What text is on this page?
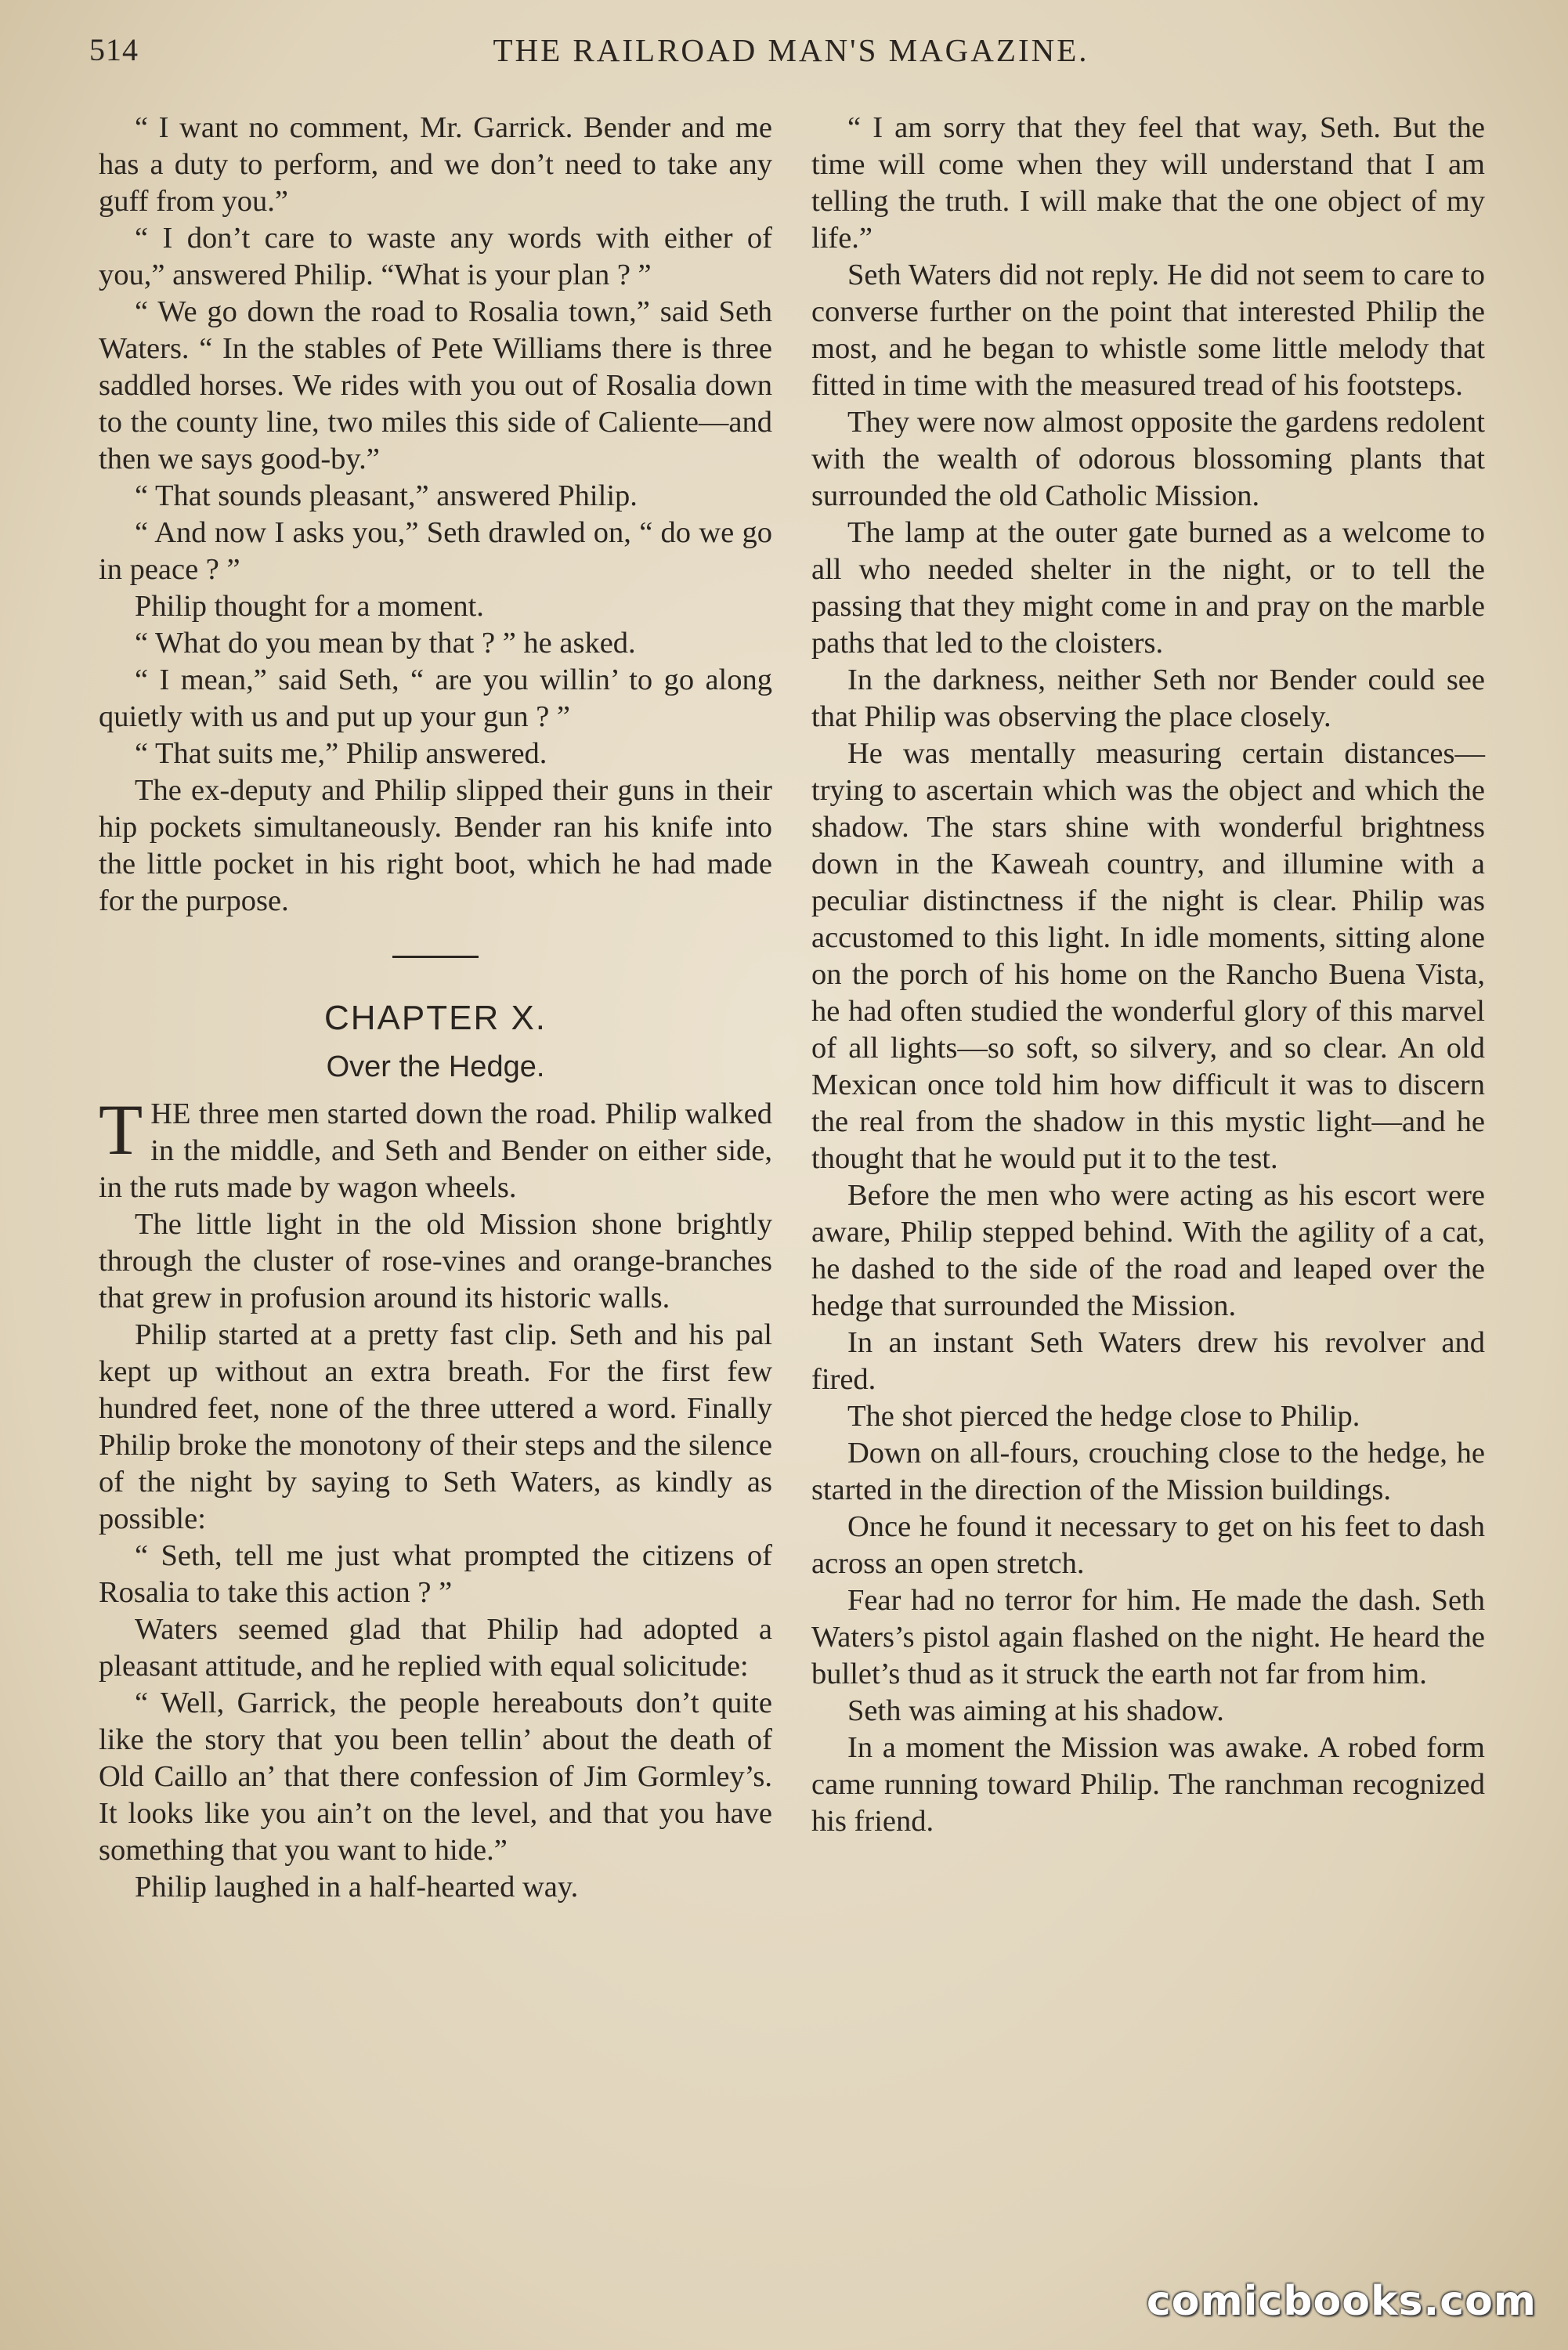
514	THE RAILROAD MAN'S MAGAZINE.

“ I want no comment, Mr. Garrick. Bender and me has a duty to perform, and we don’t need to take any guff from you.”

“ I don’t care to waste any words with either of you,” answered Philip. “What is your plan ? ”

“ We go down the road to Rosalia town,” said Seth Waters. “ In the stables of Pete Williams there is three saddled horses. We rides with you out of Rosalia down to the county line, two miles this side of Caliente—and then we says good-by.”

“ That sounds pleasant,” answered Philip.

“ And now I asks you,” Seth drawled on, “ do we go in peace ? ”

Philip thought for a moment.

“ What do you mean by that ? ” he asked.

“ I mean,” said Seth, “ are you willin’ to go along quietly with us and put up your gun ? ”

“ That suits me,” Philip answered.

The ex-deputy and Philip slipped their guns in their hip pockets simultaneously. Bender ran his knife into the little pocket in his right boot, which he had made for the purpose.

CHAPTER X.
Over the Hedge.

THE three men started down the road. Philip walked in the middle, and Seth and Bender on either side, in the ruts made by wagon wheels.

The little light in the old Mission shone brightly through the cluster of rose-vines and orange-branches that grew in profusion around its historic walls.

Philip started at a pretty fast clip. Seth and his pal kept up without an extra breath. For the first few hundred feet, none of the three uttered a word. Finally Philip broke the monotony of their steps and the silence of the night by saying to Seth Waters, as kindly as possible:

“ Seth, tell me just what prompted the citizens of Rosalia to take this action ? ”

Waters seemed glad that Philip had adopted a pleasant attitude, and he replied with equal solicitude:

“ Well, Garrick, the people hereabouts don’t quite like the story that you been tellin’ about the death of Old Caillo an’ that there confession of Jim Gormley’s. It looks like you ain’t on the level, and that you have something that you want to hide.”

Philip laughed in a half-hearted way.

“ I am sorry that they feel that way, Seth. But the time will come when they will understand that I am telling the truth. I will make that the one object of my life.”

Seth Waters did not reply. He did not seem to care to converse further on the point that interested Philip the most, and he began to whistle some little melody that fitted in time with the measured tread of his footsteps.

They were now almost opposite the gardens redolent with the wealth of odorous blossoming plants that surrounded the old Catholic Mission.

The lamp at the outer gate burned as a welcome to all who needed shelter in the night, or to tell the passing that they might come in and pray on the marble paths that led to the cloisters.

In the darkness, neither Seth nor Bender could see that Philip was observing the place closely.

He was mentally measuring certain distances—trying to ascertain which was the object and which the shadow. The stars shine with wonderful brightness down in the Kaweah country, and illumine with a peculiar distinctness if the night is clear. Philip was accustomed to this light. In idle moments, sitting alone on the porch of his home on the Rancho Buena Vista, he had often studied the wonderful glory of this marvel of all lights—so soft, so silvery, and so clear. An old Mexican once told him how difficult it was to discern the real from the shadow in this mystic light—and he thought that he would put it to the test.

Before the men who were acting as his escort were aware, Philip stepped behind. With the agility of a cat, he dashed to the side of the road and leaped over the hedge that surrounded the Mission.

In an instant Seth Waters drew his revolver and fired.

The shot pierced the hedge close to Philip.

Down on all-fours, crouching close to the hedge, he started in the direction of the Mission buildings.

Once he found it necessary to get on his feet to dash across an open stretch.

Fear had no terror for him. He made the dash. Seth Waters’s pistol again flashed on the night. He heard the bullet’s thud as it struck the earth not far from him.

Seth was aiming at his shadow.

In a moment the Mission was awake. A robed form came running toward Philip. The ranchman recognized his friend.

comicbooks.com
